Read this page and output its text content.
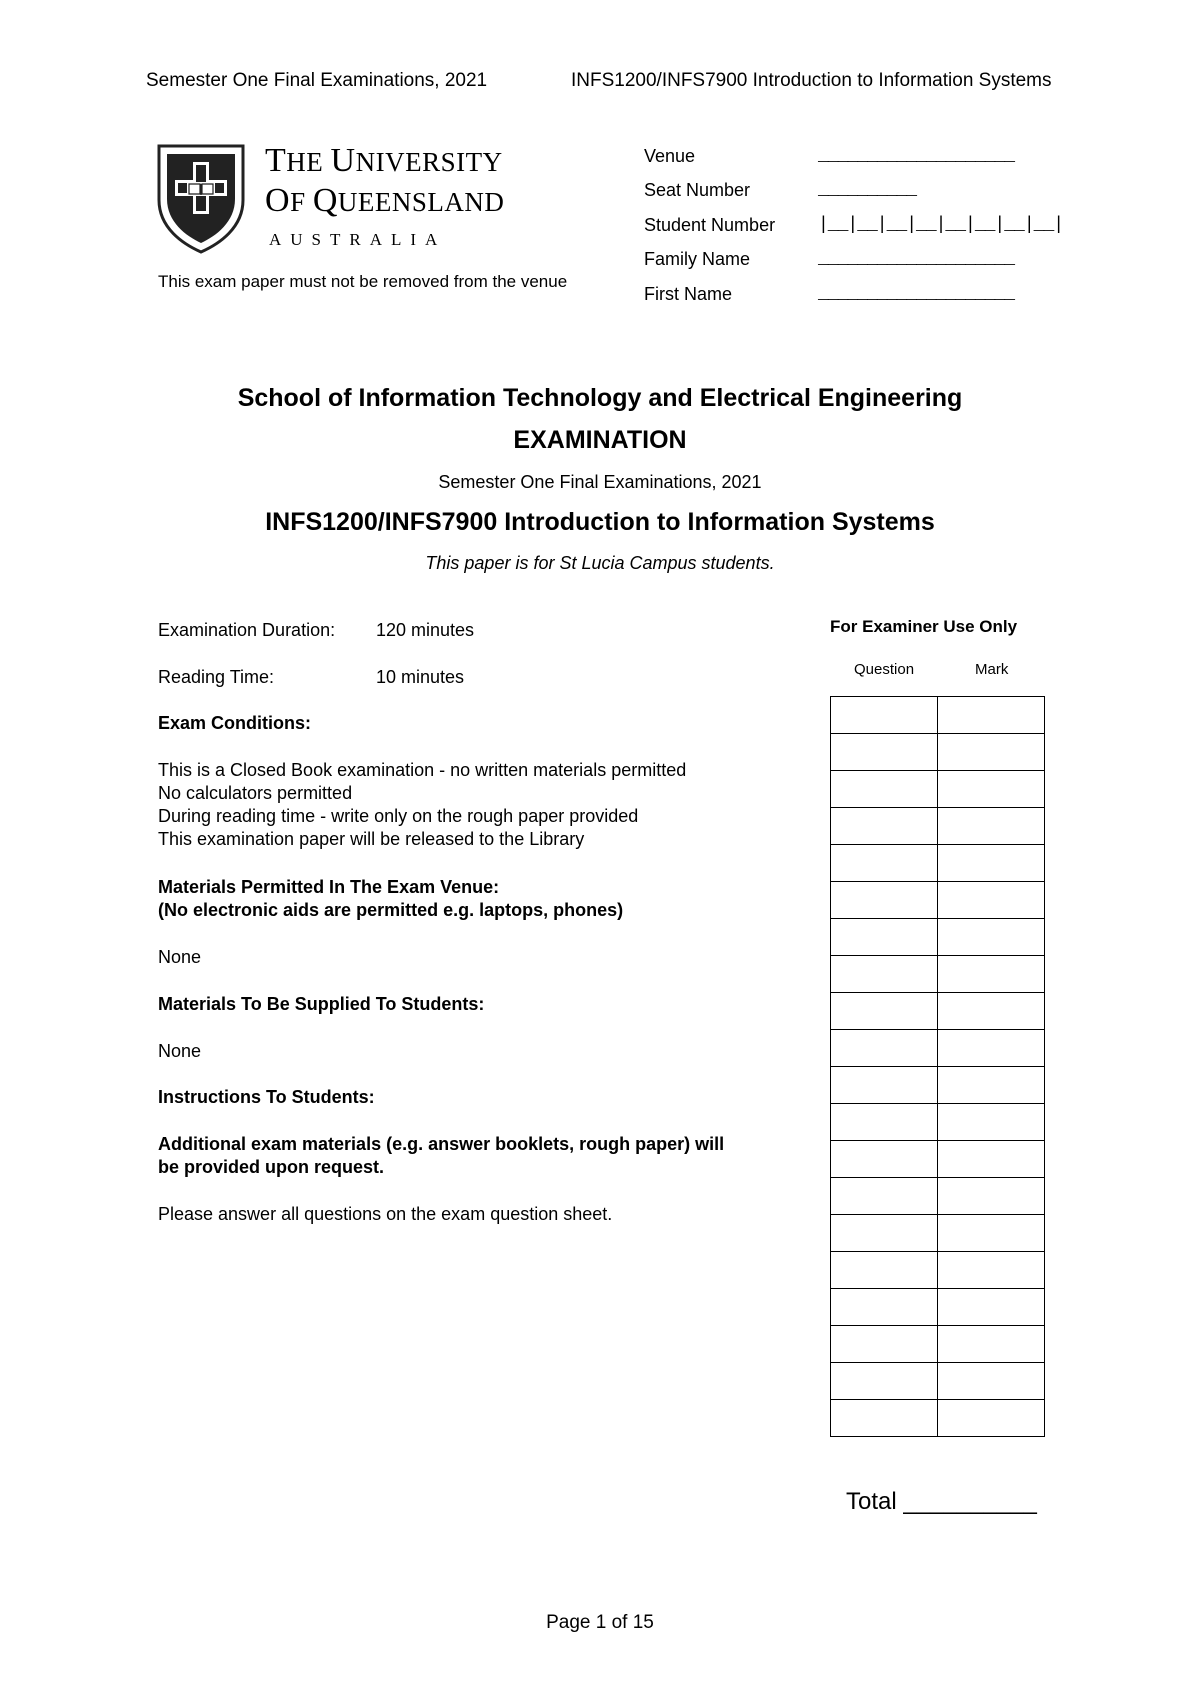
Semester One Final Examinations, 2021	INFS1200/INFS7900 Introduction to Information Systems
THE UNIVERSITY
OF QUEENSLAND
AUSTRALIA
This exam paper must not be removed from the venue
Venue	____________________
Seat Number	__________
Student Number |__|__|__|__|__|__|__|__|
Family Name	____________________
First Name	____________________
School of Information Technology and Electrical Engineering
EXAMINATION
Semester One Final Examinations, 2021
INFS1200/INFS7900 Introduction to Information Systems
This paper is for St Lucia Campus students.
Examination Duration: 120 minutes
Reading Time:	10 minutes
Exam Conditions:
This is a Closed Book examination - no written materials permitted
No calculators permitted
During reading time - write only on the rough paper provided
This examination paper will be released to the Library
Materials Permitted In The Exam Venue:
(No electronic aids are permitted e.g. laptops, phones)
None
Materials To Be Supplied To Students:
None
Instructions To Students:
Additional exam materials (e.g. answer booklets, rough paper) will
be provided upon request.
Please answer all questions on the exam question sheet.
For Examiner Use Only
Question	Mark

Total __________
Page 1 of 15
